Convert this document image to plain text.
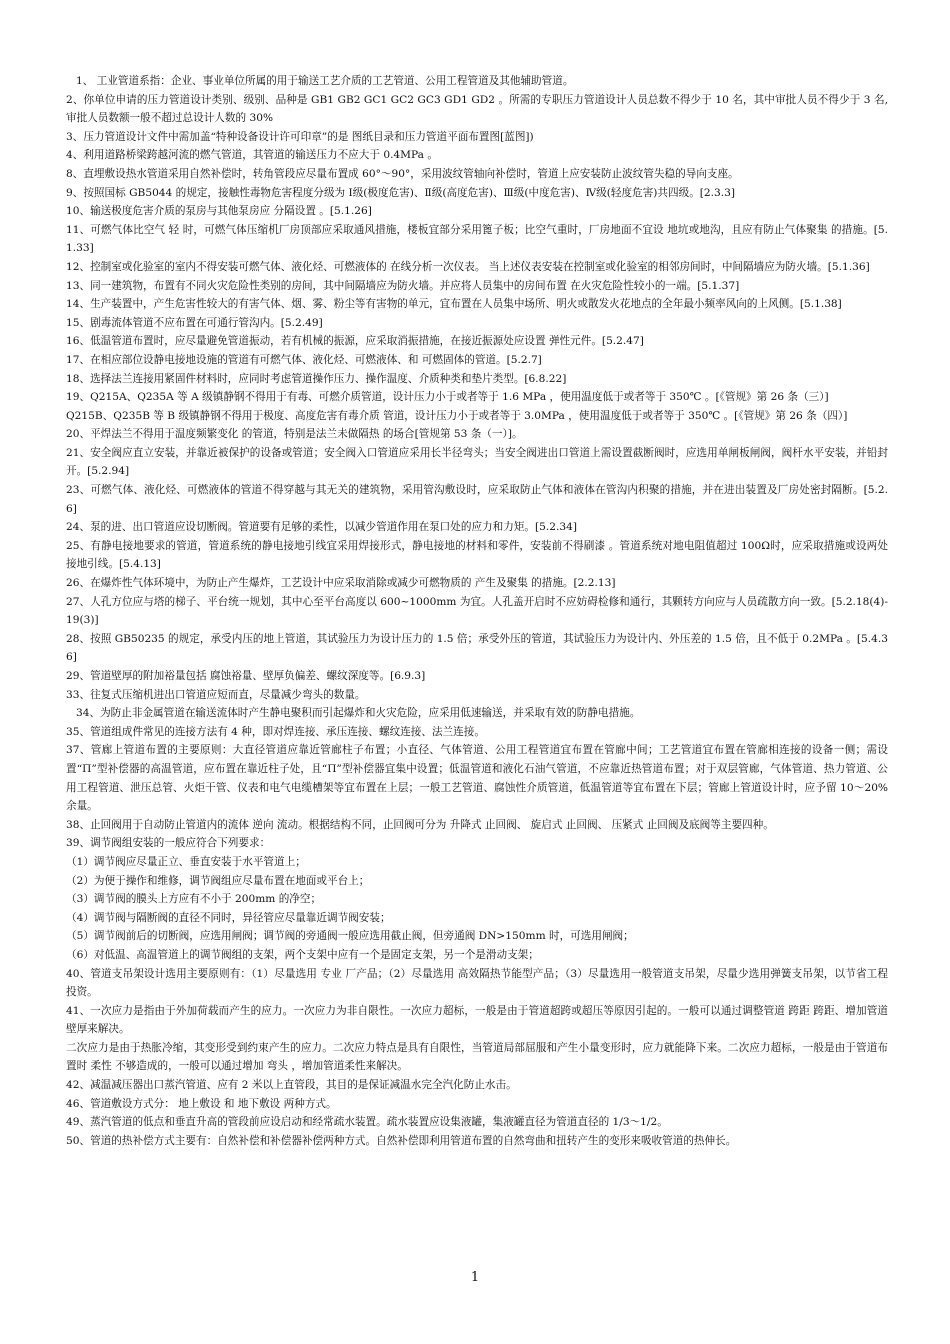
1、 工业管道系指：企业、事业单位所属的用于输送工艺介质的工艺管道、公用工程管道及其他辅助管道。

2、你单位申请的压力管道设计类别、级别、品种是 GB1 GB2 GC1 GC2 GC3 GD1 GD2 。所需的专职压力管道设计人员总数不得少于 10 名，其中审批人员不得少于 3 名,审批人员数额一般不超过总设计人数的 30%

3、压力管道设计文件中需加盖“特种设备设计许可印章”的是 图纸目录和压力管道平面布置图[蓝图])

4、利用道路桥梁跨越河流的燃气管道，其管道的输送压力不应大于 0.4MPa 。

8、直埋敷设热水管道采用自然补偿时，转角管段应尽量布置成 60°～90°，采用波纹管轴向补偿时，管道上应安装防止波纹管失稳的导向支座。

9、按照国标 GB5044 的规定，接触性毒物危害程度分级为 Ⅰ级(极度危害)、Ⅱ级(高度危害)、Ⅲ级(中度危害)、Ⅳ级(轻度危害)共四级。[2.3.3]

10、输送极度危害介质的泵房与其他泵房应 分隔设置 。[5.1.26]

11、可燃气体比空气 轻 时，可燃气体压缩机厂房顶部应采取通风措施，楼板宜部分采用篦子板；比空气重时，厂房地面不宜设 地坑或地沟，且应有防止气体聚集 的措施。[5.1.33]

12、控制室或化验室的室内不得安装可燃气体、液化烃、可燃液体的 在线分析一次仪表。 当上述仪表安装在控制室或化验室的相邻房间时，中间隔墙应为防火墙。[5.1.36]

13、同一建筑物，布置有不同火灾危险性类别的房间，其中间隔墙应为防火墙。并应将人员集中的房间布置 在火灾危险性较小的一端。[5.1.37]

14、生产装置中，产生危害性较大的有害气体、烟、雾、粉尘等有害物的单元，宜布置在人员集中场所、明火或散发火花地点的全年最小频率风向的上风侧。[5.1.38]

15、剧毒流体管道不应布置在可通行管沟内。[5.2.49]

16、低温管道布置时，应尽量避免管道振动，若有机械的振源，应采取消振措施，在接近振源处应设置 弹性元件。[5.2.47]

17、在相应部位设静电接地设施的管道有可燃气体、液化烃、可燃液体、和 可燃固体的管道。[5.2.7]

18、选择法兰连接用紧固件材料时，应同时考虑管道操作压力、操作温度、介质种类和垫片类型。[6.8.22]

19、Q215A、Q235A 等 A 级镇静钢不得用于有毒、可燃介质管道，设计压力小于或者等于 1.6 MPa ，使用温度低于或者等于 350℃ 。[《管规》第 26 条（三）]

Q215B、Q235B 等 B 级镇静钢不得用于极度、高度危害有毒介质 管道，设计压力小于或者等于 3.0MPa ，使用温度低于或者等于 350℃ 。[《管规》第 26 条（四）]

20、平焊法兰不得用于温度频繁变化 的管道，特别是法兰未做隔热 的场合[管规第 53 条（一）]。

21、安全阀应直立安装，并靠近被保护的设备或管道；安全阀入口管道应采用长半径弯头；当安全阀进出口管道上需设置截断阀时，应选用单闸板闸阀，阀杆水平安装，并铅封开。[5.2.94]

23、可燃气体、液化烃、可燃液体的管道不得穿越与其无关的建筑物，采用管沟敷设时，应采取防止气体和液体在管沟内积聚的措施，并在进出装置及厂房处密封隔断。[5.2.6]

24、泵的进、出口管道应设切断阀。管道要有足够的柔性，以减少管道作用在泵口处的应力和力矩。[5.2.34]

25、有静电接地要求的管道，管道系统的静电接地引线宜采用焊接形式，静电接地的材料和零件，安装前不得刷漆 。管道系统对地电阻值超过 100Ω时，应采取措施或设两处接地引线。[5.4.13]

26、在爆炸性气体环境中，为防止产生爆炸，工艺设计中应采取消除或减少可燃物质的 产生及聚集 的措施。[2.2.13]

27、人孔方位应与塔的梯子、平台统一规划，其中心至平台高度以 600~1000mm 为宜。人孔盖开启时不应妨碍检修和通行，其颗转方向应与人员疏散方向一致。[5.2.18(4)-19(3)]

28、按照 GB50235 的规定，承受内压的地上管道，其试验压力为设计压力的 1.5 倍；承受外压的管道，其试验压力为设计内、外压差的 1.5 倍，且不低于 0.2MPa 。[5.4.36]

29、管道壁厚的附加裕量包括 腐蚀裕量、壁厚负偏差、螺纹深度等。[6.9.3]

33、往复式压缩机进出口管道应短而直，尽量减少弯头的数量。

34、为防止非金属管道在输送流体时产生静电聚积而引起爆炸和火灾危险，应采用低速输送，并采取有效的防静电措施。

35、管道组成件常见的连接方法有 4 种，即对焊连接、承压连接、螺纹连接、法兰连接。

37、管廊上管道布置的主要原则：大直径管道应靠近管廊柱子布置；小直径、气体管道、公用工程管道宜布置在管廊中间；工艺管道宜布置在管廊相连接的设备一侧；需设置“Π”型补偿器的高温管道，应布置在靠近柱子处，且“Π”型补偿器宜集中设置；低温管道和液化石油气管道，不应靠近热管道布置；对于双层管廊，气体管道、热力管道、公用工程管道、泄压总管、火炬干管、仪表和电气电缆槽架等宜布置在上层；一般工艺管道、腐蚀性介质管道，低温管道等宜布置在下层；管廊上管道设计时，应予留 10～20%余量。

38、止回阀用于自动防止管道内的流体 逆向 流动。根据结构不同，止回阀可分为 升降式 止回阀、 旋启式 止回阀、 压紧式 止回阀及底阀等主要四种。

39、调节阀组安装的一般应符合下列要求：

（1）调节阀应尽量正立、垂直安装于水平管道上；

（2）为便于操作和维修，调节阀组应尽量布置在地面或平台上；

（3）调节阀的膜头上方应有不小于 200mm 的净空；

（4）调节阀与隔断阀的直径不同时，异径管应尽量靠近调节阀安装；

（5）调节阀前后的切断阀，应选用闸阀；调节阀的旁通阀一般应选用截止阀，但旁通阀 DN>150mm 时，可选用闸阀；

（6）对低温、高温管道上的调节阀组的支架，两个支架中应有一个是固定支架，另一个是滑动支架；

40、管道支吊架设计选用主要原则有：（1）尽量选用 专业 厂产品；（2）尽量选用 高效隔热节能型产品；（3）尽量选用一般管道支吊架，尽量少选用弹簧支吊架，以节省工程投资。

41、一次应力是指由于外加荷载而产生的应力。一次应力为非自限性。一次应力超标，一般是由于管道超跨或超压等原因引起的。一般可以通过调整管道 跨距 跨距、增加管道壁厚来解决。

二次应力是由于热胀冷缩，其变形受到约束产生的应力。二次应力特点是具有自限性，当管道局部屈服和产生小量变形时，应力就能降下来。二次应力超标，一般是由于管道布置时 柔性 不够造成的，一般可以通过增加 弯头 ，增加管道柔性来解决。

42、减温减压器出口蒸汽管道、应有 2 米以上直管段，其目的是保证减温水完全汽化防止水击。

46、管道敷设方式分： 地上敷设 和 地下敷设 两种方式。

49、蒸汽管道的低点和垂直升高的管段前应设启动和经常疏水装置。疏水装置应设集液罐，集液罐直径为管道直径的 1/3～1/2。

50、管道的热补偿方式主要有：自然补偿和补偿器补偿两种方式。自然补偿即利用管道布置的自然弯曲和扭转产生的变形来吸收管道的热伸长。

1
